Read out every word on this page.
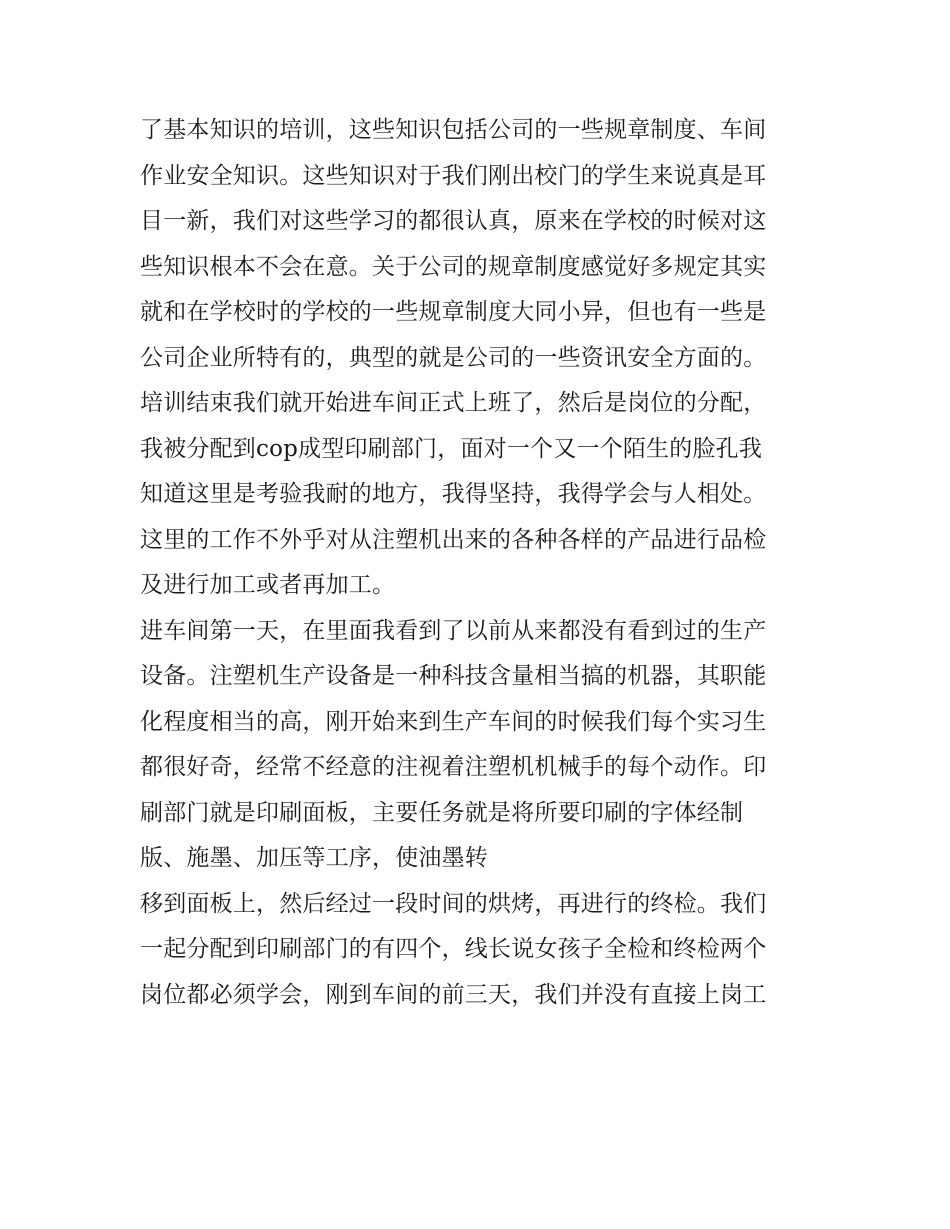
了基本知识的培训，这些知识包括公司的一些规章制度、车间
作业安全知识。这些知识对于我们刚出校门的学生来说真是耳
目一新，我们对这些学习的都很认真，原来在学校的时候对这
些知识根本不会在意。关于公司的规章制度感觉好多规定其实
就和在学校时的学校的一些规章制度大同小异，但也有一些是
公司企业所特有的，典型的就是公司的一些资讯安全方面的。
培训结束我们就开始进车间正式上班了，然后是岗位的分配，
我被分配到cop成型印刷部门，面对一个又一个陌生的脸孔我
知道这里是考验我耐的地方，我得坚持，我得学会与人相处。
这里的工作不外乎对从注塑机出来的各种各样的产品进行品检
及进行加工或者再加工。
进车间第一天，在里面我看到了以前从来都没有看到过的生产
设备。注塑机生产设备是一种科技含量相当搞的机器，其职能
化程度相当的高，刚开始来到生产车间的时候我们每个实习生
都很好奇，经常不经意的注视着注塑机机械手的每个动作。印
刷部门就是印刷面板，主要任务就是将所要印刷的字体经制
版、施墨、加压等工序，使油墨转
移到面板上，然后经过一段时间的烘烤，再进行的终检。我们
一起分配到印刷部门的有四个，线长说女孩子全检和终检两个
岗位都必须学会，刚到车间的前三天，我们并没有直接上岗工
